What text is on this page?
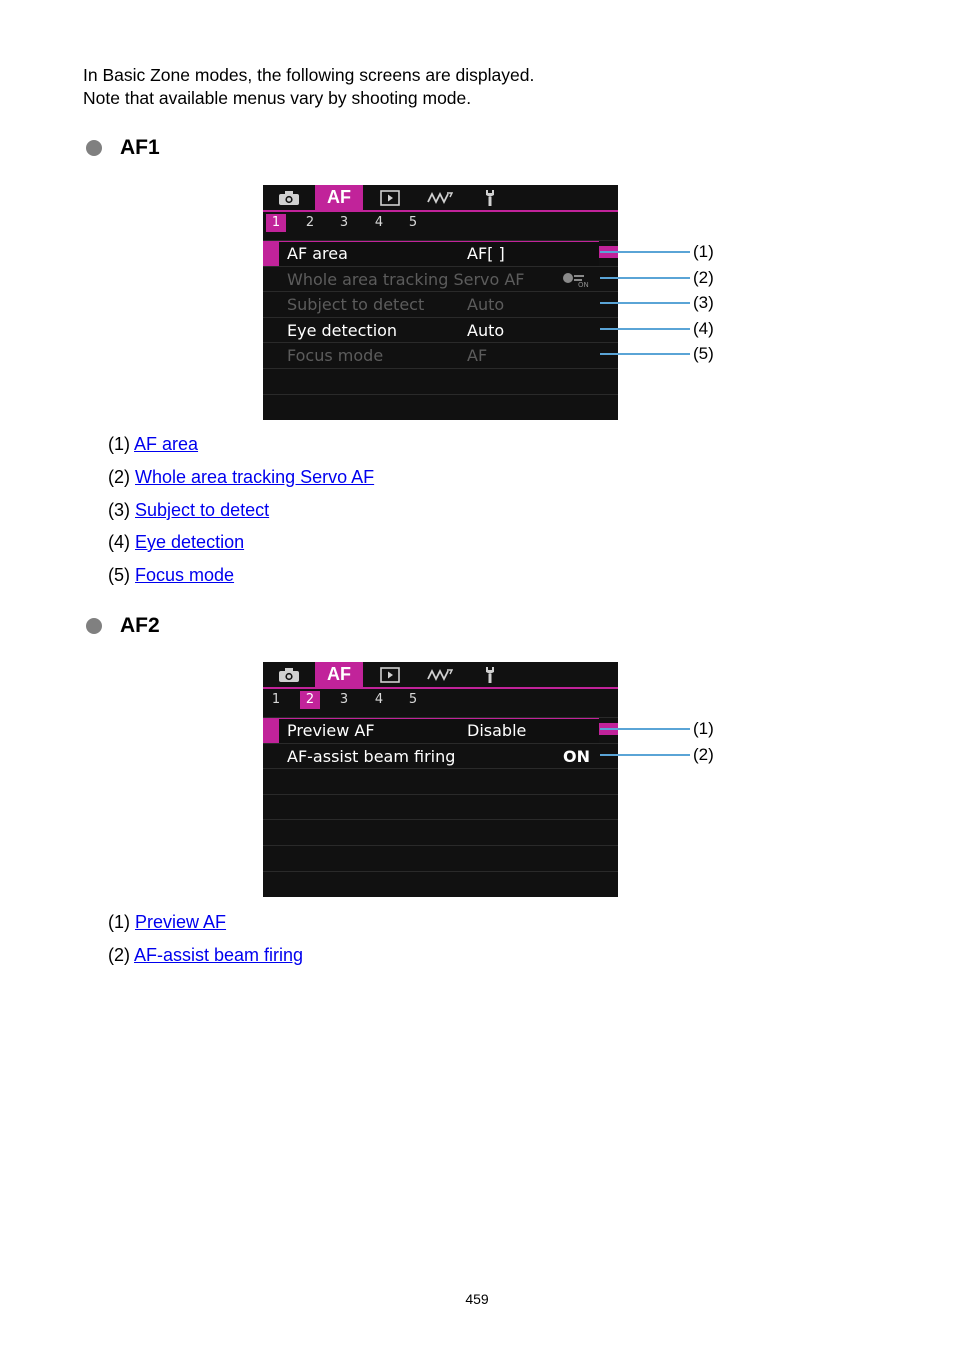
In Basic Zone modes, the following screens are displayed.

Note that available menus vary by shooting mode.

AF1
AF
1	2	3	4	5
AF area	AF[ ]
Whole area tracking Servo AF	ON
Subject to detect	Auto
Eye detection	Auto
Focus mode	AF
(1)
(2)
(3)
(4)
(5)
(1) AF area
(2) Whole area tracking Servo AF
(3) Subject to detect
(4) Eye detection
(5) Focus mode
AF2
AF
1	2	3	4	5
Preview AF	Disable
AF-assist beam firing	ON
(1)
(2)
(1) Preview AF
(2) AF-assist beam firing
459
